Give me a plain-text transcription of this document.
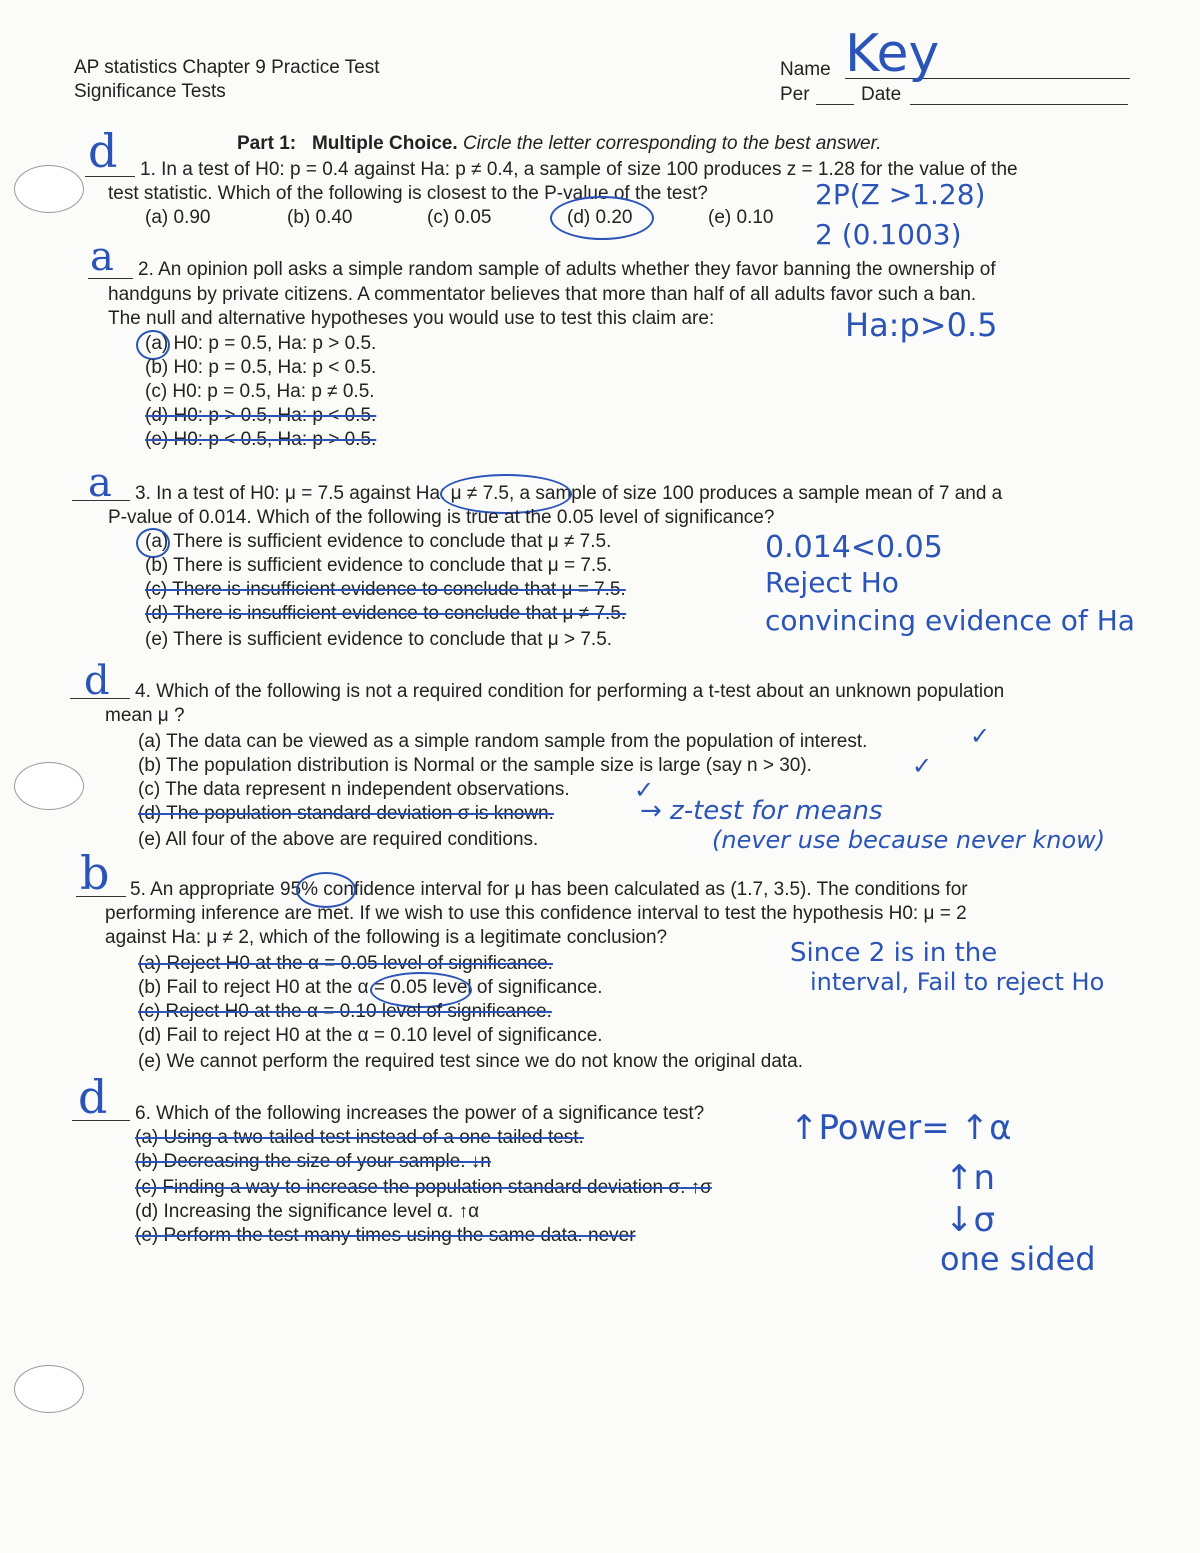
AP statistics Chapter 9 Practice Test
Significance Tests
Name Key
Per	Date
Part 1: Multiple Choice. Circle the letter corresponding to the best answer.
d 1. In a test of H0: p = 0.4 against Ha: p ≠ 0.4, a sample of size 100 produces z = 1.28 for the value of the
test statistic. Which of the following is closest to the P-value of the test?
(a) 0.90	(b) 0.40	(c) 0.05	(d) 0.20	(e) 0.10
2P(Z >1.28)
2 (0.1003)
a 2. An opinion poll asks a simple random sample of adults whether they favor banning the ownership of
handguns by private citizens. A commentator believes that more than half of all adults favor such a ban.
The null and alternative hypotheses you would use to test this claim are:
(a) H0: p = 0.5, Ha: p > 0.5.
(b) H0: p = 0.5, Ha: p < 0.5.
(c) H0: p = 0.5, Ha: p ≠ 0.5.
(d) H0: p > 0.5, Ha: p < 0.5.
(e) H0: p < 0.5, Ha: p > 0.5.
Ha:p>0.5
a 3. In a test of H0: μ = 7.5 against Ha: μ ≠ 7.5, a sample of size 100 produces a sample mean of 7 and a
P-value of 0.014. Which of the following is true at the 0.05 level of significance?
(a) There is sufficient evidence to conclude that μ ≠ 7.5.
(b) There is sufficient evidence to conclude that μ = 7.5.
(c) There is insufficient evidence to conclude that μ = 7.5.
(d) There is insufficient evidence to conclude that μ ≠ 7.5.
(e) There is sufficient evidence to conclude that μ > 7.5.
0.014<0.05
Reject Ho
convincing evidence of Ha
d 4. Which of the following is not a required condition for performing a t-test about an unknown population
mean μ ?
(a) The data can be viewed as a simple random sample from the population of interest.	✓
(b) The population distribution is Normal or the sample size is large (say n > 30).	✓
(c) The data represent n independent observations.	✓
(d) The population standard deviation σ is known.
(e) All four of the above are required conditions.
→ z-test for means
(never use because never know)
b 5. An appropriate 95% confidence interval for μ has been calculated as (1.7, 3.5). The conditions for
performing inference are met. If we wish to use this confidence interval to test the hypothesis H0: μ = 2
against Ha: μ ≠ 2, which of the following is a legitimate conclusion?
(a) Reject H0 at the α = 0.05 level of significance.
(b) Fail to reject H0 at the α = 0.05 level of significance.
(c) Reject H0 at the α = 0.10 level of significance.
(d) Fail to reject H0 at the α = 0.10 level of significance.
(e) We cannot perform the required test since we do not know the original data.
Since 2 is in the
interval, Fail to reject Ho
d 6. Which of the following increases the power of a significance test?
(a) Using a two-tailed test instead of a one-tailed test.
(b) Decreasing the size of your sample. ↓n
(c) Finding a way to increase the population standard deviation σ. ↑σ
(d) Increasing the significance level α. ↑α
(e) Perform the test many times using the same data. never
↑Power= ↑α
↑n
↓σ
one sided
